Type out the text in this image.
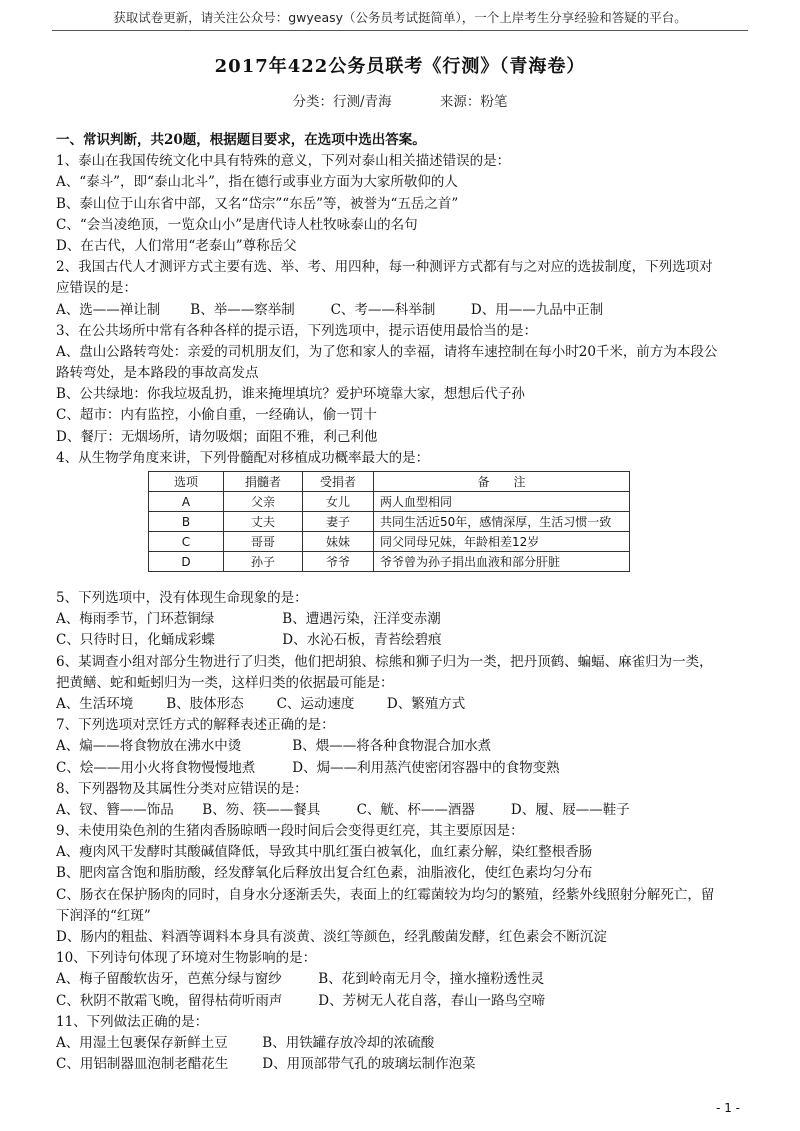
获取试卷更新，请关注公众号：gwyeasy（公务员考试挺简单），一个上岸考生分享经验和答疑的平台。
2017年422公务员联考《行测》（青海卷）
分类：行测/青海	来源：粉笔
一、常识判断，共20题，根据题目要求，在选项中选出答案。
1、泰山在我国传统文化中具有特殊的意义，下列对泰山相关描述错误的是：
A、“泰斗”，即“泰山北斗”，指在德行或事业方面为大家所敬仰的人
B、泰山位于山东省中部，又名“岱宗”“东岳”等，被誉为“五岳之首”
C、“会当凌绝顶，一览众山小”是唐代诗人杜牧咏泰山的名句
D、在古代，人们常用“老泰山”尊称岳父
2、我国古代人才测评方式主要有选、举、考、用四种，每一种测评方式都有与之对应的选拔制度，下列选项对
应错误的是：
A、选——禅让制 B、举——察举制	C、考——科举制	D、用——九品中正制
3、在公共场所中常有各种各样的提示语，下列选项中，提示语使用最恰当的是：
A、盘山公路转弯处：亲爱的司机朋友们，为了您和家人的幸福，请将车速控制在每小时20千米，前方为本段公
路转弯处，是本路段的事故高发点
B、公共绿地：你我垃圾乱扔，谁来掩埋填坑？爱护环境靠大家，想想后代子孙
C、超市：内有监控，小偷自重，一经确认，偷一罚十
D、餐厅：无烟场所，请勿吸烟；面阻不雅，利己利他
4、从生物学角度来讲，下列骨髓配对移植成功概率最大的是：
选项	捐髓者	受捐者	备　　注
A	父亲	女儿	两人血型相同
B	丈夫	妻子	共同生活近50年，感情深厚，生活习惯一致
C	哥哥	妹妹	同父同母兄妹，年龄相差12岁
D	孙子	爷爷	爷爷曾为孙子捐出血液和部分肝脏
5、下列选项中，没有体现生命现象的是：
A、梅雨季节，门环惹铜绿	B、遭遇污染，汪洋变赤潮
C、只待时日，化蛹成彩蝶	D、水沁石板，青苔绘碧痕
6、某调查小组对部分生物进行了归类，他们把胡狼、棕熊和狮子归为一类，把丹顶鹤、蝙蝠、麻雀归为一类，
把黄鳝、蛇和蚯蚓归为一类，这样归类的依据最可能是：
A、生活环境 B、肢体形态 C、运动速度 D、繁殖方式
7、下列选项对烹饪方式的解释表述正确的是：
A、煸——将食物放在沸水中烫	B、煨——将各种食物混合加水煮
C、烩——用小火将食物慢慢地煮	D、焗——利用蒸汽使密闭容器中的食物变熟
8、下列器物及其属性分类对应错误的是：
A、钗、簪——饰品 B、笏、筷——餐具	C、觥、杯——酒器	D、履、屐——鞋子
9、未使用染色剂的生猪肉香肠晾晒一段时间后会变得更红亮，其主要原因是：
A、瘦肉风干发酵时其酸碱值降低，导致其中肌红蛋白被氧化，血红素分解，染红整根香肠
B、肥肉富含饱和脂肪酸，经发酵氧化后释放出复合红色素，油脂液化，使红色素均匀分布
C、肠衣在保护肠肉的同时，自身水分逐渐丢失，表面上的红霉菌较为均匀的繁殖，经紫外线照射分解死亡，留
下润泽的“红斑”
D、肠内的粗盐、料酒等调料本身具有淡黄、淡红等颜色，经乳酸菌发酵，红色素会不断沉淀
10、下列诗句体现了环境对生物影响的是：
A、梅子留酸软齿牙，芭蕉分绿与窗纱	B、花到岭南无月令，撞水撞粉透性灵
C、秋阴不散霜飞晚，留得枯荷听雨声	D、芳树无人花自落，春山一路鸟空啼
11、下列做法正确的是：
A、用湿土包裹保存新鲜土豆	B、用铁罐存放冷却的浓硫酸
C、用铝制器皿泡制老醋花生	D、用顶部带气孔的玻璃坛制作泡菜
- 1 -
